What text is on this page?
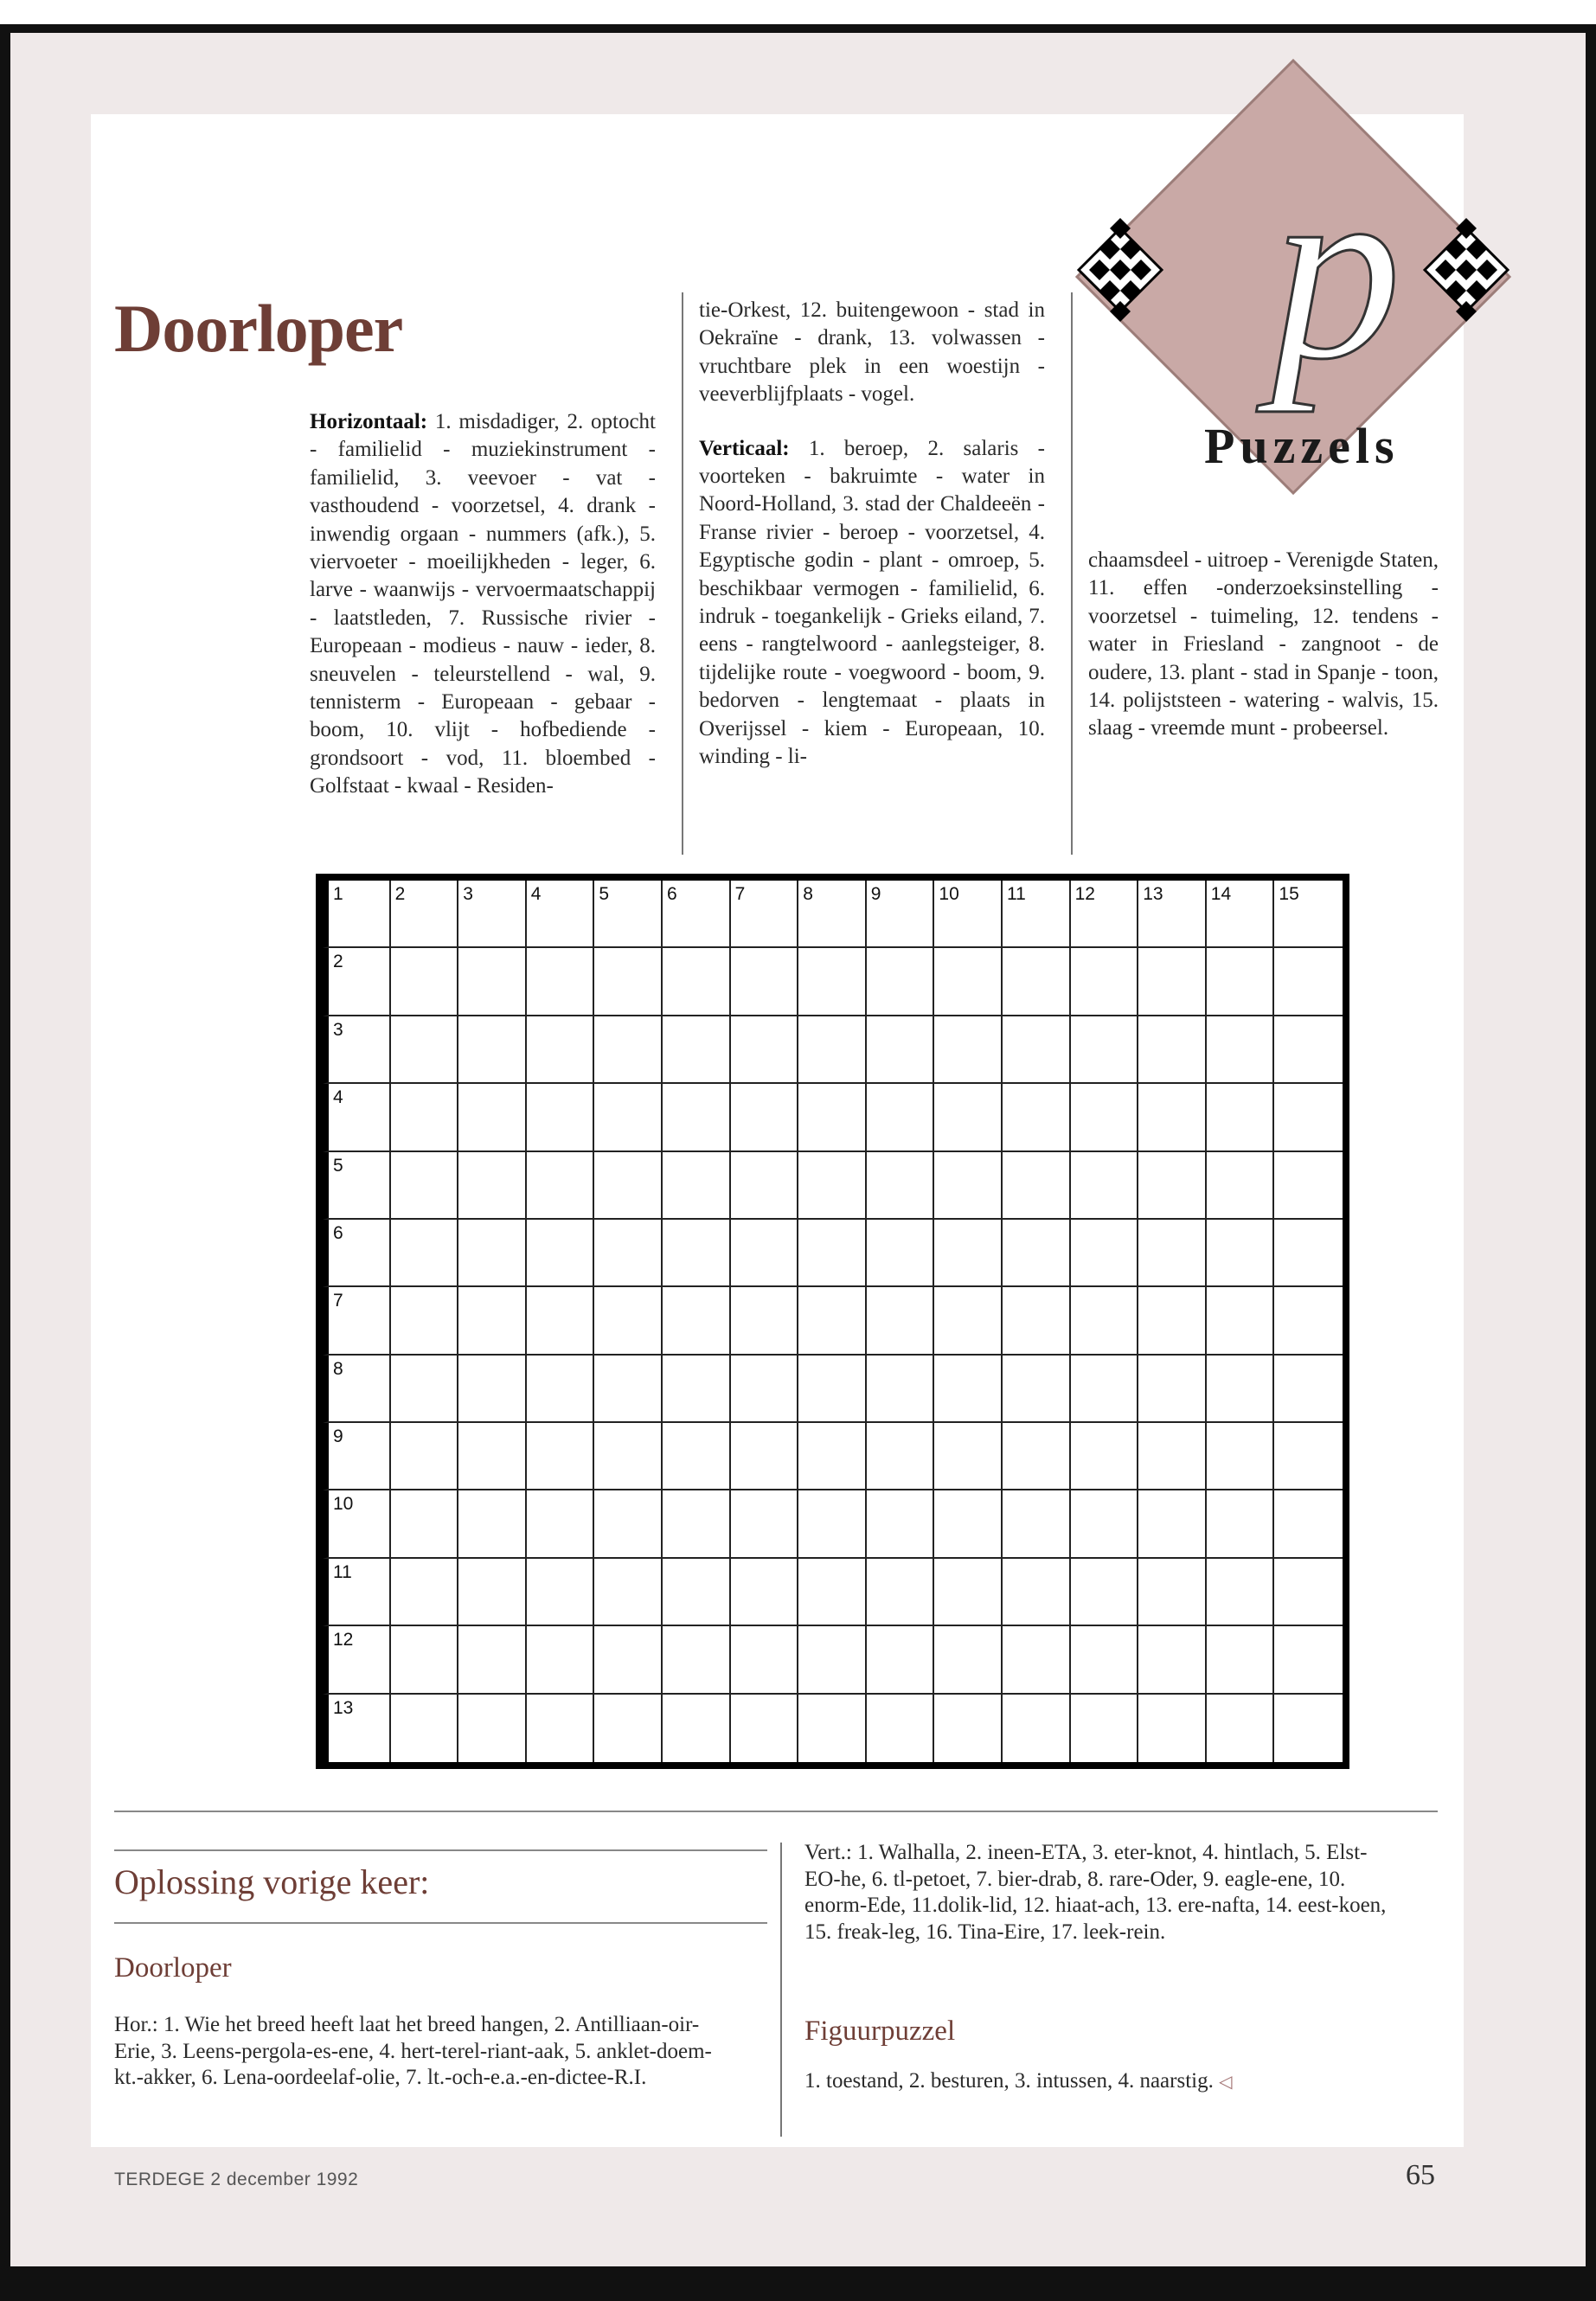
p
Puzzels
Doorloper

Horizontaal: 1. misdadiger, 2. optocht - familielid - muziekinstrument -familielid, 3. veevoer - vat - vasthoudend - voorzetsel, 4. drank - inwendig orgaan - nummers (afk.), 5. viervoeter - moeilijkheden - leger, 6. larve - waanwijs - vervoermaatschappij - laatstleden, 7. Russische rivier - Europeaan - modieus - nauw - ieder, 8. sneuvelen - teleurstellend - wal, 9. tennisterm - Europeaan - gebaar - boom, 10. vlijt - hofbediende - grondsoort - vod, 11. bloembed - Golfstaat - kwaal - Residen-

tie-Orkest, 12. buitengewoon - stad in Oekraïne - drank, 13. volwassen - vruchtbare plek in een woestijn - veeverblijfplaats - vogel.

Verticaal: 1. beroep, 2. salaris - voorteken - bakruimte - water in Noord-Holland, 3. stad der Chaldeeën - Franse rivier - beroep - voorzetsel, 4. Egyptische godin - plant - omroep, 5. beschikbaar vermogen - familielid, 6. indruk - toegankelijk - Grieks eiland, 7. eens - rangtelwoord - aanlegsteiger, 8. tijdelijke route - voegwoord - boom, 9. bedorven - lengtemaat - plaats in Overijssel - kiem - Europeaan, 10. winding - li-

chaamsdeel - uitroep - Verenigde Staten, 11. effen -onderzoeksinstelling - voorzetsel - tuimeling, 12. tendens - water in Friesland - zangnoot - de oudere, 13. plant - stad in Spanje - toon, 14. polijststeen - watering - walvis, 15. slaag - vreemde munt - probeersel.

1	2	3	4	5	6	7	8	9	10	11	12	13	14	15
2
3
4
5
6
7
8
9
10
11
12
13
Oplossing vorige keer:
Doorloper
Hor.: 1. Wie het breed heeft laat het breed hangen, 2. Antilliaan-oir-Erie, 3. Leens-pergola-es-ene, 4. hert-terel-riant-aak, 5. anklet-doem-kt.-akker, 6. Lena-oordeelaf-olie, 7. lt.-och-e.a.-en-dictee-R.I.
Vert.: 1. Walhalla, 2. ineen-ETA, 3. eter-knot, 4. hintlach, 5. Elst-EO-he, 6. tl-petoet, 7. bier-drab, 8. rare-Oder, 9. eagle-ene, 10. enorm-Ede, 11.dolik-lid, 12. hiaat-ach, 13. ere-nafta, 14. eest-koen, 15. freak-leg, 16. Tina-Eire, 17. leek-rein.
Figuurpuzzel
1. toestand, 2. besturen, 3. intussen, 4. naarstig. ◁
TERDEGE 2 december 1992	65
